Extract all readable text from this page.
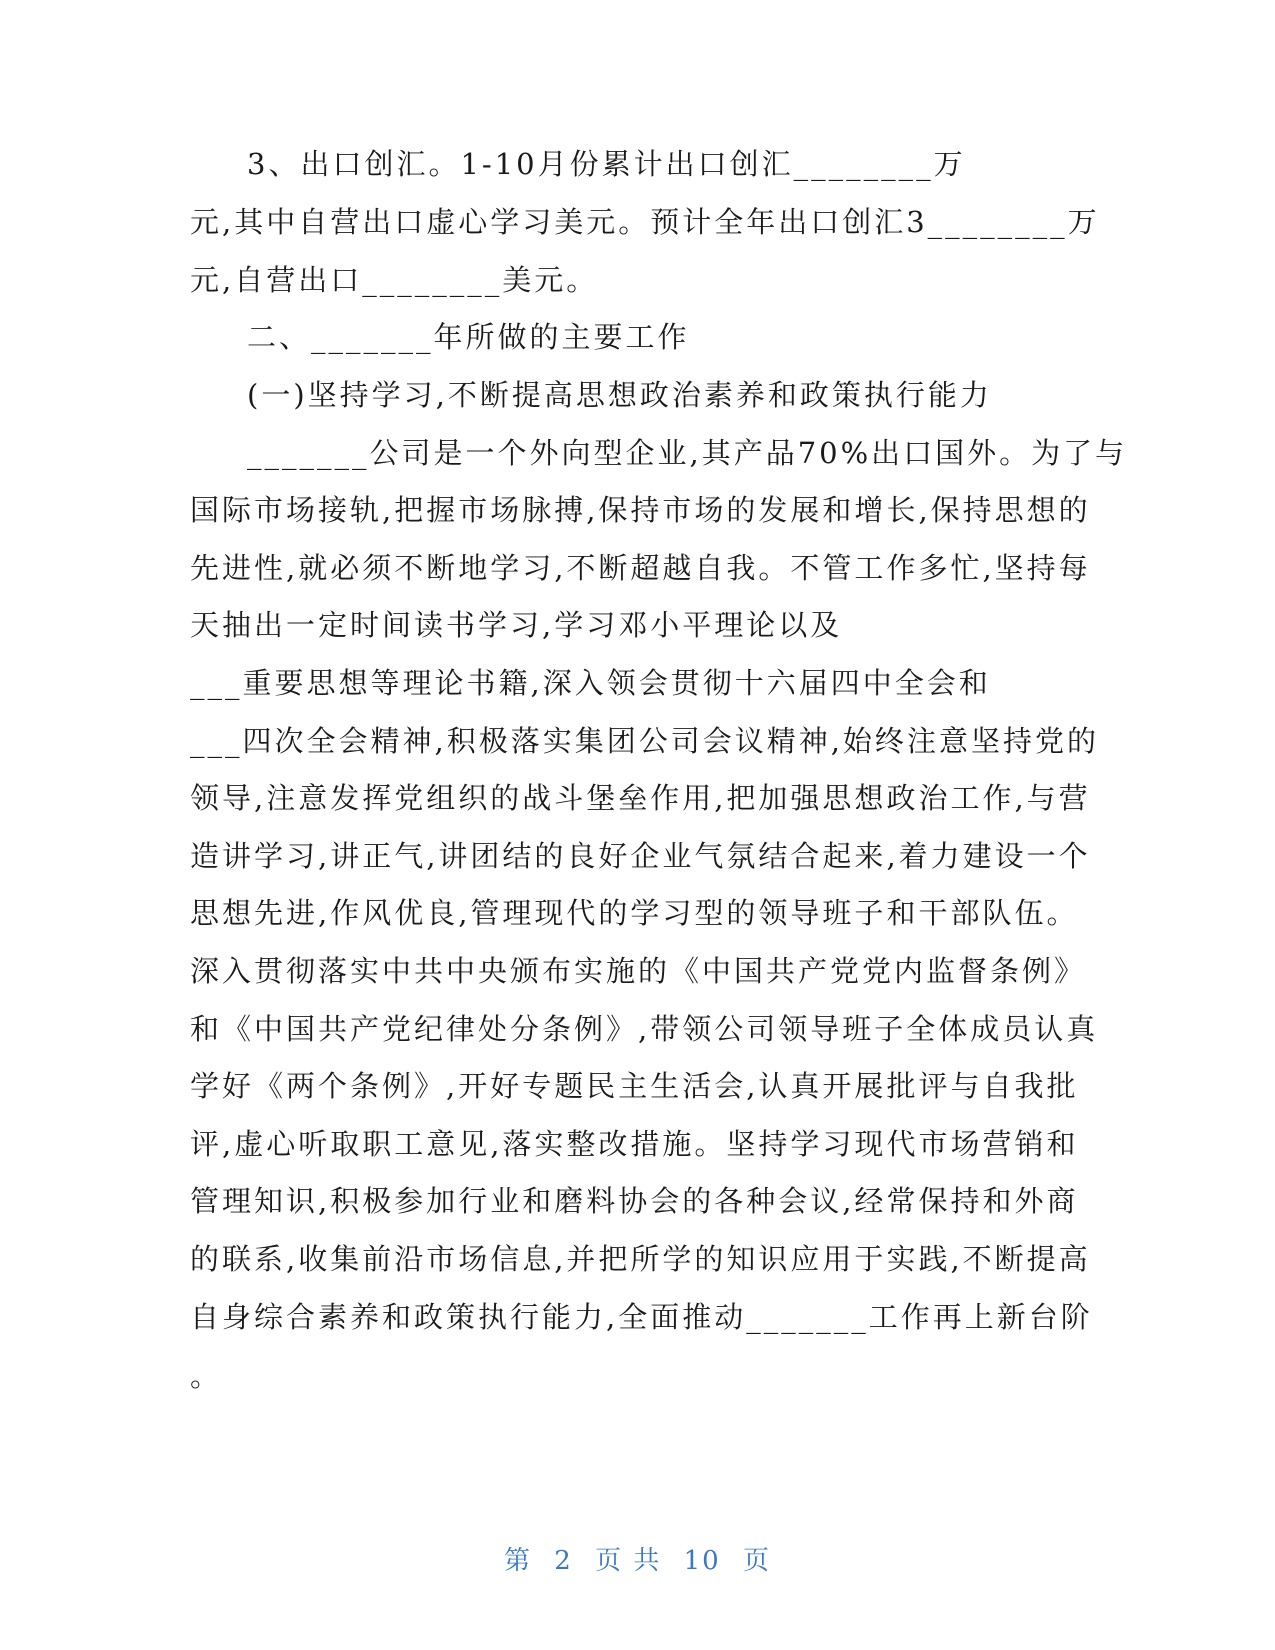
3、出口创汇。1-10月份累计出口创汇________万
元,其中自营出口虚心学习美元。预计全年出口创汇3________万
元,自营出口________美元。
二、_______年所做的主要工作
(一)坚持学习,不断提高思想政治素养和政策执行能力
_______公司是一个外向型企业,其产品70%出口国外。为了与
国际市场接轨,把握市场脉搏,保持市场的发展和增长,保持思想的
先进性,就必须不断地学习,不断超越自我。不管工作多忙,坚持每
天抽出一定时间读书学习,学习邓小平理论以及
___重要思想等理论书籍,深入领会贯彻十六届四中全会和
___四次全会精神,积极落实集团公司会议精神,始终注意坚持党的
领导,注意发挥党组织的战斗堡垒作用,把加强思想政治工作,与营
造讲学习,讲正气,讲团结的良好企业气氛结合起来,着力建设一个
思想先进,作风优良,管理现代的学习型的领导班子和干部队伍。
深入贯彻落实中共中央颁布实施的《中国共产党党内监督条例》
和《中国共产党纪律处分条例》,带领公司领导班子全体成员认真
学好《两个条例》,开好专题民主生活会,认真开展批评与自我批
评,虚心听取职工意见,落实整改措施。坚持学习现代市场营销和
管理知识,积极参加行业和磨料协会的各种会议,经常保持和外商
的联系,收集前沿市场信息,并把所学的知识应用于实践,不断提高
自身综合素养和政策执行能力,全面推动_______工作再上新台阶
。
第 2 页 共 10 页
